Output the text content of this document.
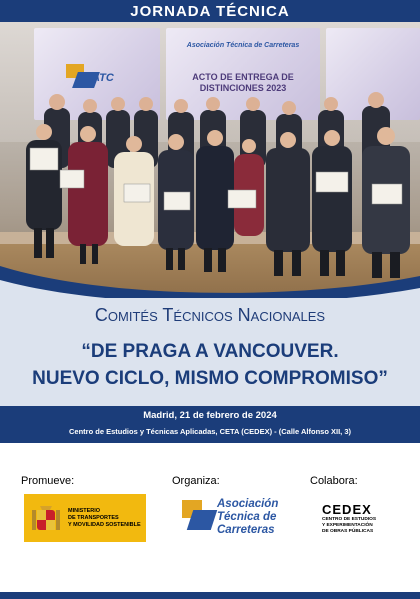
JORNADA TÉCNICA
ATC
Asociación Técnica de Carreteras
ACTO DE ENTREGA DE DISTINCIONES 2023
Comités Técnicos Nacionales
“DE PRAGA A VANCOUVER.
NUEVO CICLO, MISMO COMPROMISO”
Madrid, 21 de febrero de 2024
Centro de Estudios y Técnicas Aplicadas, CETA (CEDEX) - (Calle Alfonso XII, 3)
Promueve:	Organiza:	Colabora:
MINISTERIO
DE TRANSPORTES
Y MOVILIDAD SOSTENIBLE
Asociación
Técnica de
Carreteras
CEDEX
CENTRO DE ESTUDIOS
Y EXPERIMENTACIÓN
DE OBRAS PÚBLICAS
